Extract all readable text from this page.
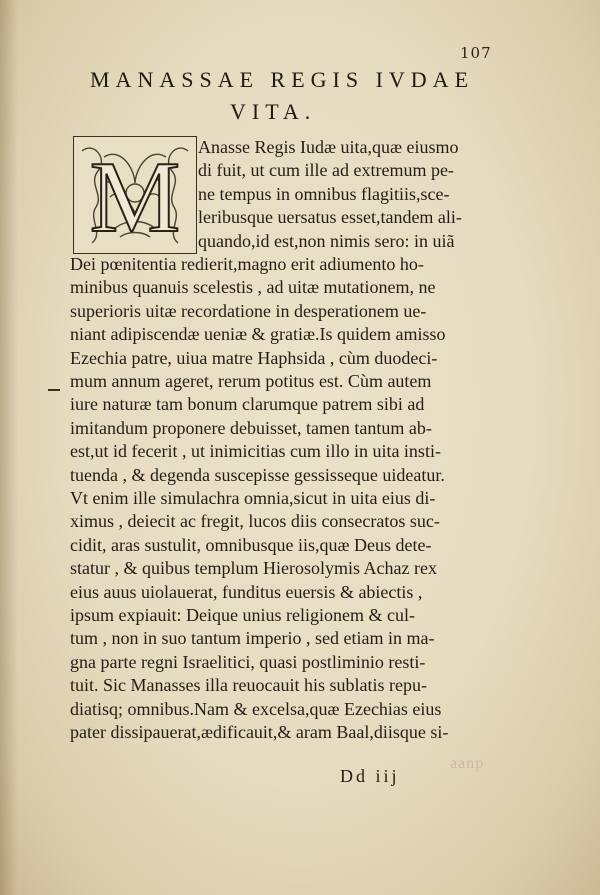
107
MANASSAE REGIS IVDAE
VITA.
M Anasse Regis Iudæ uita,quæ eiusmo
di fuit, ut cum ille ad extremum pe-
ne tempus in omnibus flagitiis,sce-
leribusque uersatus esset,tandem ali-
quando,id est,non nimis sero: in uiã
Dei pœnitentia redierit,magno erit adiumento ho-
minibus quanuis scelestis , ad uitæ mutationem, ne
superioris uitæ recordatione in desperationem ue-
niant adipiscendæ ueniæ & gratiæ.Is quidem amisso
Ezechia patre, uiua matre Haphsida , cùm duodeci-
mum annum ageret, rerum potitus est. Cùm autem
iure naturæ tam bonum clarumque patrem sibi ad
imitandum proponere debuisset, tamen tantum ab-
est,ut id fecerit , ut inimicitias cum illo in uita insti-
tuenda , & degenda suscepisse gessisseque uideatur.
Vt enim ille simulachra omnia,sicut in uita eius di-
ximus , deiecit ac fregit, lucos diis consecratos suc-
cidit, aras sustulit, omnibusque iis,quæ Deus dete-
statur , & quibus templum Hierosolymis Achaz rex
eius auus uiolauerat, funditus euersis & abiectis ,
ipsum expiauit: Deique unius religionem & cul-
tum , non in suo tantum imperio , sed etiam in ma-
gna parte regni Israelitici, quasi postliminio resti-
tuit. Sic Manasses illa reuocauit his sublatis repu-
diatisq; omnibus.Nam & excelsa,quæ Ezechias eius
pater dissipauerat,ædificauit,& aram Baal,diisque si-
aanp
Dd iij
